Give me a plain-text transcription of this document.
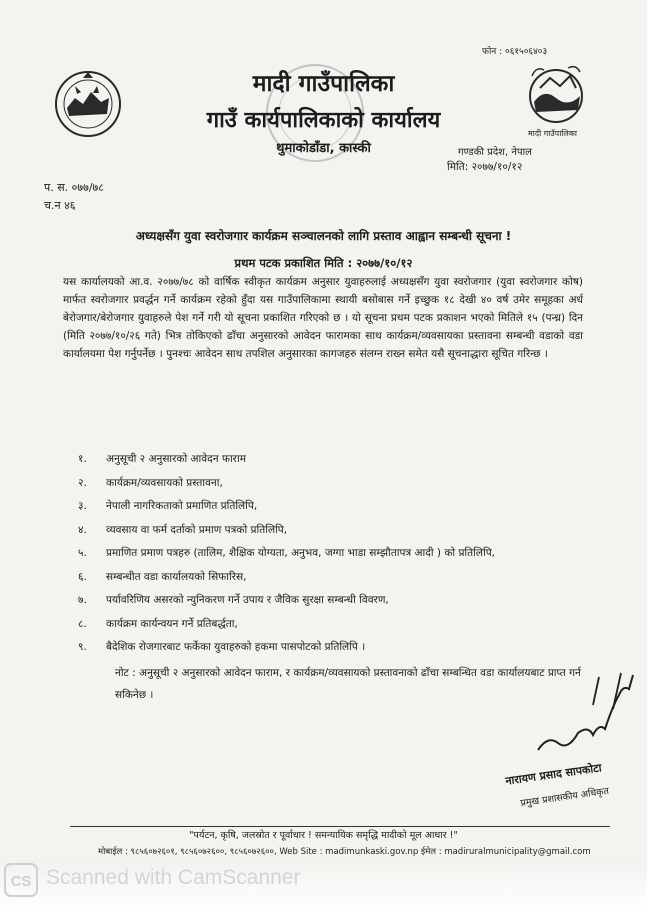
मादी गाउँपालिका
फोन : ०६१५०६४०३
मादी गाउँपालिका
गाउँ कार्यपालिकाको कार्यालय
थुमाकोडाँडा, कास्की	गण्डकी प्रदेश, नेपाल
मिति: २०७७/१०/१२
प. स. ०७७/७८
च.न ४६
अध्यक्षसँग युवा स्वरोजगार कार्यक्रम सञ्चालनको लागि प्रस्ताव आह्वान सम्बन्धी सूचना !
प्रथम पटक प्रकाशित मिति : २०७७/१०/१२
यस कार्यालयको आ.व. २०७७/७८ को वार्षिक स्वीकृत कार्यक्रम अनुसार युवाहरुलाई अध्यक्षसँग युवा स्वरोजगार (युवा स्वरोजगार कोष) मार्फत स्वरोजगार प्रवर्द्धन गर्ने कार्यक्रम रहेको हुँदा यस गाउँपालिकामा स्थायी बसोबास गर्ने इच्छुक १८ देखी ४० वर्ष उमेर समूहका अर्ध बेरोजगार/बेरोजगार युवाहरुले पेश गर्ने गरी यो सूचना प्रकाशित गरिएको छ । यो सूचना प्रथम पटक प्रकाशन भएको मितिले १५ (पन्ध्र) दिन (मिति २०७७/१०/२६ गते) भित्र तोकिएको ढाँचा अनुसारको आवेदन फारामका साथ कार्यक्रम/व्यवसायका प्रस्तावना सम्बन्धी वडाको वडा कार्यालयमा पेश गर्नुपर्नेछ । पुनश्चः आवेदन साथ तपशिल अनुसारका कागजहरु संलग्न राख्न समेत यसै सूचनाद्धारा सूचित गरिन्छ ।
१. अनुसूची २ अनुसारको आवेदन फाराम
२. कार्यक्रम/व्यवसायको प्रस्तावना,
३. नेपाली नागरिकताको प्रमाणित प्रतिलिपि,
४. व्यवसाय वा फर्म दर्ताको प्रमाण पत्रको प्रतिलिपि,
५. प्रमाणित प्रमाण पत्रहरु (तालिम, शैक्षिक योग्यता, अनुभव, जग्गा भाडा सम्झौतापत्र आदी ) को प्रतिलिपि,
६. सम्बन्धीत वडा कार्यालयको सिफारिस,
७. पर्यावरिणिय असरको न्युनिकरण गर्ने उपाय र जैविक सुरक्षा सम्बन्धी विवरण,
८. कार्यक्रम कार्यन्वयन गर्ने प्रतिबर्द्धता,
९. बैदेशिक रोजगारबाट फर्केका युवाहरुको हकमा पासपोटको प्रतिलिपि ।
नोट : अनुसूची २ अनुसारको आवेदन फाराम, र कार्यक्रम/व्यवसायको प्रस्तावनाको ढाँचा सम्बन्धित वडा कार्यालयबाट प्राप्त गर्न सकिनेछ ।
नारायण प्रसाद सापकोटा
प्रमुख प्रशासकीय अधिकृत
"पर्यटन, कृषि, जलस्रोत र पूर्वाधार ! समन्यायिक समृद्धि मादीको मूल आधार !"
मोबाईल : ९८५६०७२६०१, ९८५६०७२६००, ९८५६०७२६००, Web Site : madimunkaski.gov.np ईमेल : madiruralmunicipality@gmail.com
CS Scanned with CamScanner
